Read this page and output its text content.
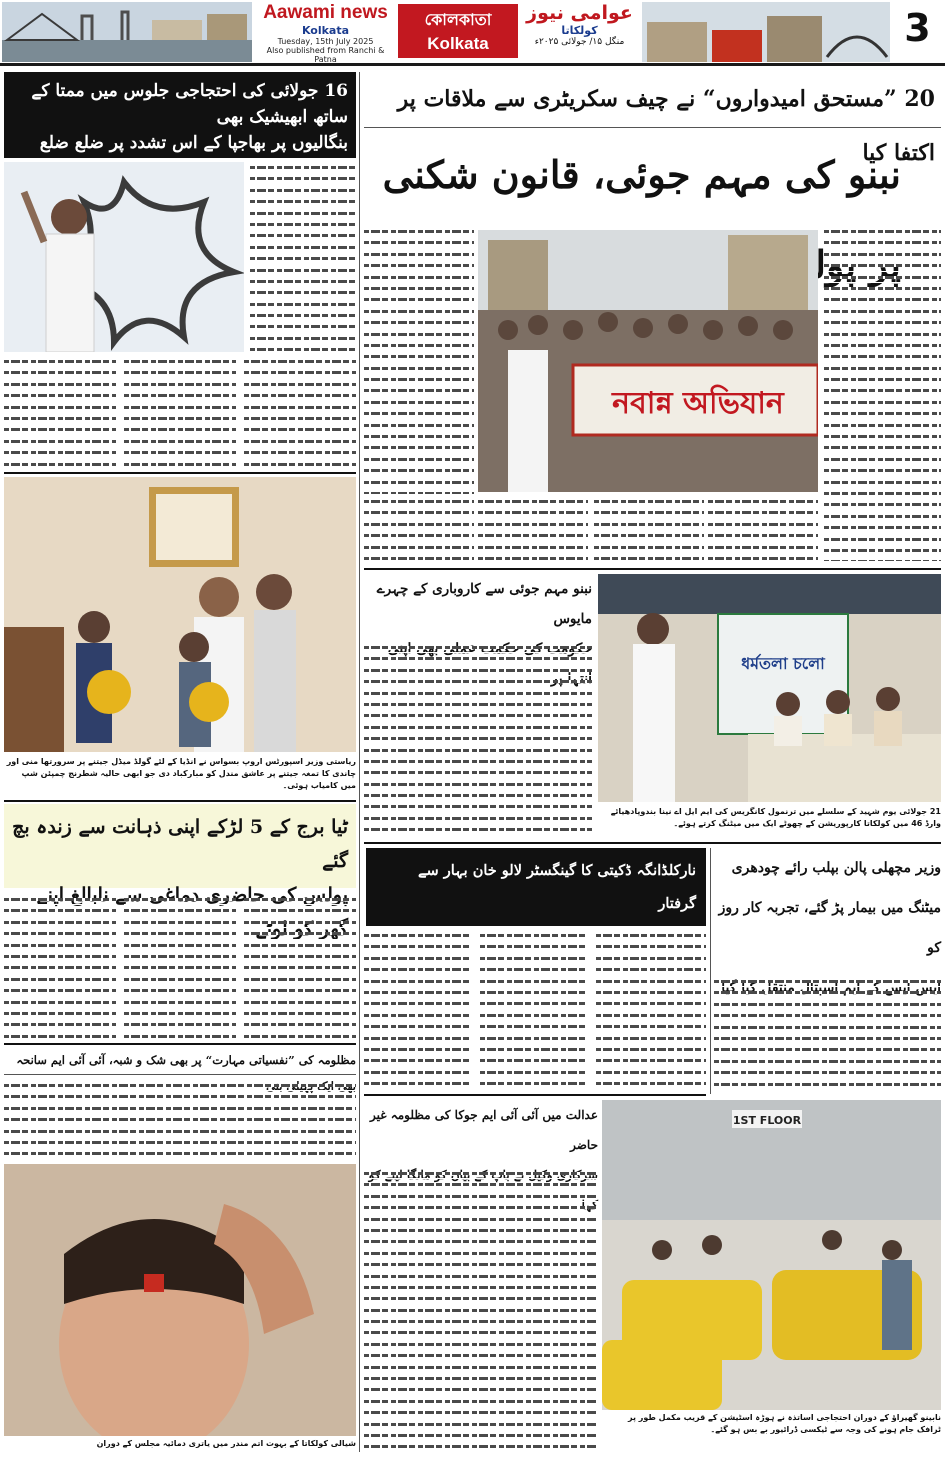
Aawami news
Kolkata
Tuesday, 15th July 2025
Also published from Ranchi & Patna
কোলকাতা
Kolkata
عوامی نیوز
کولکاتا
منگل ۱۵/ جولائی ۲۰۲۵ء	3
16 جولائی کی احتجاجی جلوس میں ممتا کے ساتھ ابھیشیک بھی
بنگالیوں پر بھاجپا کے اس تشدد پر ضلع ضلع
ریاستی وزیر اسپورٹس اروپ بسواس نے انڈیا کے لئے گولڈ میڈل جیتنے پر سرورتھا منی اور چاندی کا تمغہ جیتنے پر عاشق مندل کو مبارکباد دی جو ابھی حالیہ شطرنج چمپئن شپ میں کامیاب ہوئی۔
ٹیا برج کے 5 لڑکے اپنی ذہانت سے زندہ بچ گئے
مظلومہ کی ”نفسیاتی مہارت“ پر بھی شک و شبہ، آئی آئی ایم سانحہ
شیالی کولکاتا کے بہوت اتم مندر میں یاتری دمائیہ مجلس کے دوران
20 ”مستحق امیدواروں“ نے چیف سکریٹری سے ملاقات پر اکتفا کیا
نبنو کی مہم جوئی، قانون شکنی
নবান্ন অভিযান
نبنو مہم جوئی سے کاروباری کے چہرے مایوس
ধর্মতলা চলো
21 جولائی یوم شہید کے سلسلے میں ترنمول کانگریس کی ایم ایل اے نینا بندوپادھیائے وارڈ 46 میں کولکاتا کارپوریشن کے چھوٹے ایک میں میٹنگ کرتے ہوئے۔
نارکلڈانگہ ڈکیتی کا گینگسٹر لالو خان بہار سے گرفتار
وزیر مچھلی پالن بپلب رائے چودھری
میٹنگ میں بیمار پڑ گئے، تجربہ کار روز کو
عدالت میں آئی آئی ایم جوکا کی مظلومہ غیر حاضر
1ST FLOOR
نابینو گھیراؤ کے دوران احتجاجی اساتذہ نے ہوڑہ اسٹیشن کے قریب مکمل طور پر ٹرافک جام ہونے کی وجہ سے ٹیکسی ڈرائیور بے بس ہو گئے۔
